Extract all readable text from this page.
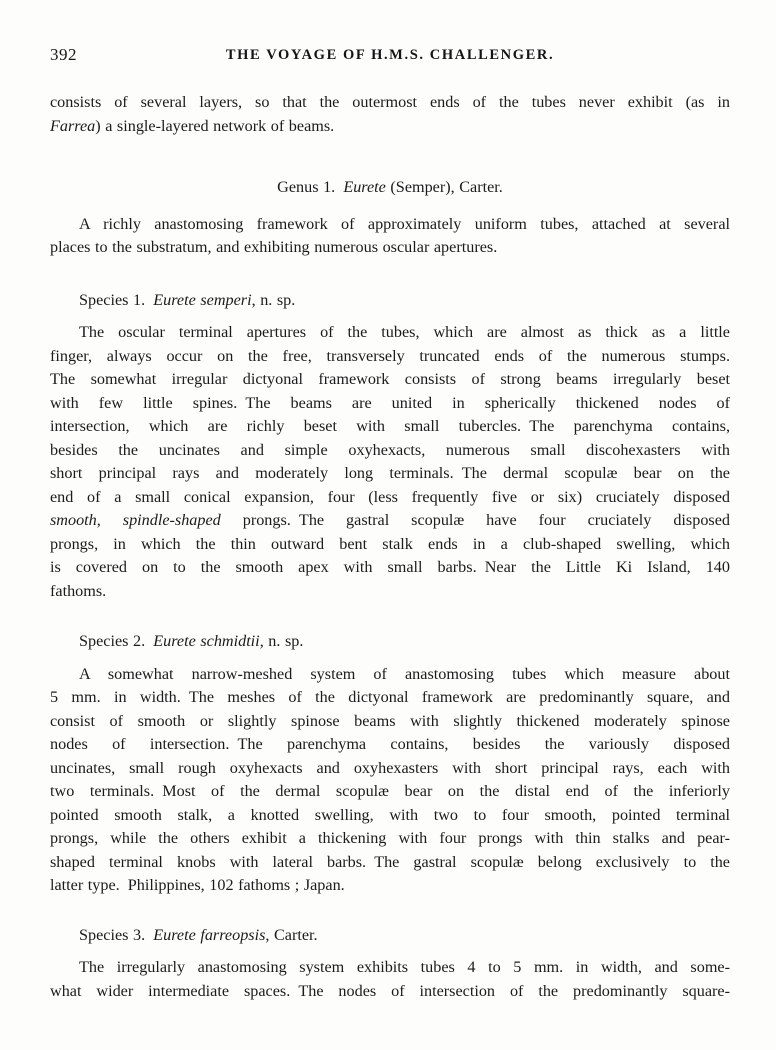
392	THE VOYAGE OF H.M.S. CHALLENGER.
consists of several layers, so that the outermost ends of the tubes never exhibit (as in
Farrea) a single-layered network of beams.
Genus 1. Eurete (Semper), Carter.
A richly anastomosing framework of approximately uniform tubes, attached at several
places to the substratum, and exhibiting numerous oscular apertures.
Species 1. Eurete semperi, n. sp.
The oscular terminal apertures of the tubes, which are almost as thick as a little
finger, always occur on the free, transversely truncated ends of the numerous stumps.
The somewhat irregular dictyonal framework consists of strong beams irregularly beset
with few little spines. The beams are united in spherically thickened nodes of
intersection, which are richly beset with small tubercles. The parenchyma contains,
besides the uncinates and simple oxyhexacts, numerous small discohexasters with
short principal rays and moderately long terminals. The dermal scopulæ bear on the
end of a small conical expansion, four (less frequently five or six) cruciately disposed
smooth, spindle-shaped prongs. The gastral scopulæ have four cruciately disposed
prongs, in which the thin outward bent stalk ends in a club-shaped swelling, which
is covered on to the smooth apex with small barbs. Near the Little Ki Island, 140
fathoms.
Species 2. Eurete schmidtii, n. sp.
A somewhat narrow-meshed system of anastomosing tubes which measure about
5 mm. in width. The meshes of the dictyonal framework are predominantly square, and
consist of smooth or slightly spinose beams with slightly thickened moderately spinose
nodes of intersection. The parenchyma contains, besides the variously disposed
uncinates, small rough oxyhexacts and oxyhexasters with short principal rays, each with
two terminals. Most of the dermal scopulæ bear on the distal end of the inferiorly
pointed smooth stalk, a knotted swelling, with two to four smooth, pointed terminal
prongs, while the others exhibit a thickening with four prongs with thin stalks and pear-
shaped terminal knobs with lateral barbs. The gastral scopulæ belong exclusively to the
latter type. Philippines, 102 fathoms ; Japan.
Species 3. Eurete farreopsis, Carter.
The irregularly anastomosing system exhibits tubes 4 to 5 mm. in width, and some-
what wider intermediate spaces. The nodes of intersection of the predominantly square-
